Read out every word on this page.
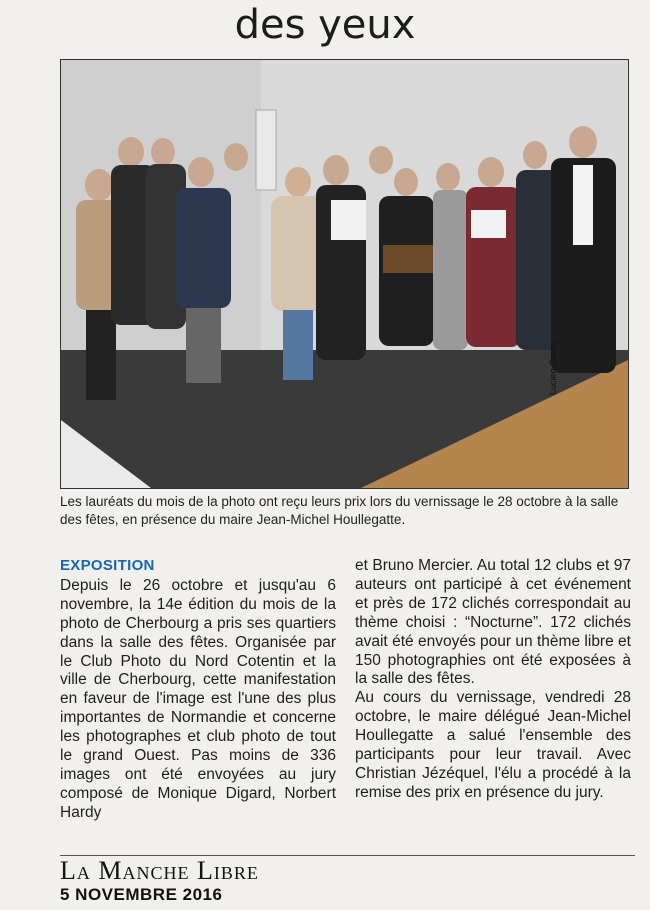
des yeux
Lucien Caron
Les lauréats du mois de la photo ont reçu leurs prix lors du vernissage le 28 octobre à la salle des fêtes, en présence du maire Jean-Michel Houllegatte.
EXPOSITION
Depuis le 26 octobre et jusqu'au 6 novembre, la 14e édition du mois de la photo de Cherbourg a pris ses quartiers dans la salle des fêtes. Organisée par le Club Photo du Nord Cotentin et la ville de Cherbourg, cette manifestation en faveur de l'image est l'une des plus importantes de Normandie et concerne les photographes et club photo de tout le grand Ouest. Pas moins de 336 images ont été envoyées au jury composé de Monique Digard, Norbert Hardy
et Bruno Mercier. Au total 12 clubs et 97 auteurs ont participé à cet événement et près de 172 clichés correspondait au thème choisi : “Nocturne”. 172 clichés avait été envoyés pour un thème libre et 150 photographies ont été exposées à la salle des fêtes.
Au cours du vernissage, vendredi 28 octobre, le maire délégué Jean-Michel Houllegatte a salué l'ensemble des participants pour leur travail. Avec Christian Jézéquel, l'élu a procédé à la remise des prix en présence du jury.
La Manche Libre
5 NOVEMBRE 2016
